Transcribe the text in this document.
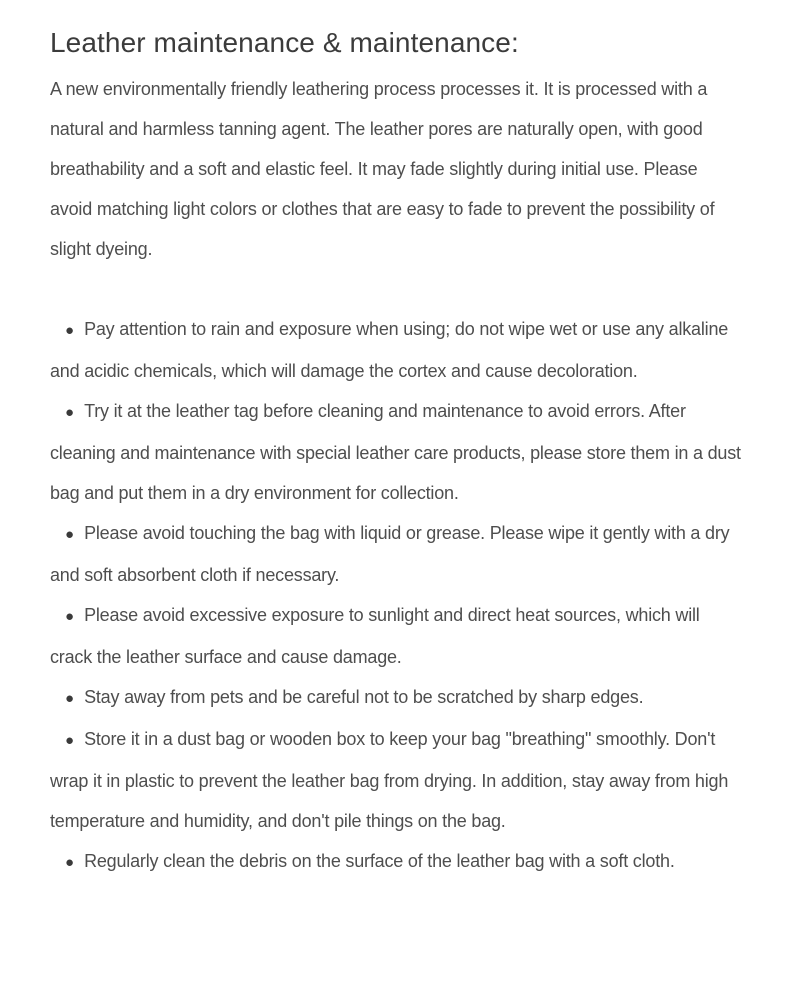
Leather maintenance & maintenance:

A new environmentally friendly leathering process processes it. It is processed with a natural and harmless tanning agent. The leather pores are naturally open, with good breathability and a soft and elastic feel. It may fade slightly during initial use. Please avoid matching light colors or clothes that are easy to fade to prevent the possibility of slight dyeing.

● Pay attention to rain and exposure when using; do not wipe wet or use any alkaline and acidic chemicals, which will damage the cortex and cause decoloration.

● Try it at the leather tag before cleaning and maintenance to avoid errors. After cleaning and maintenance with special leather care products, please store them in a dust bag and put them in a dry environment for collection.

● Please avoid touching the bag with liquid or grease. Please wipe it gently with a dry and soft absorbent cloth if necessary.

● Please avoid excessive exposure to sunlight and direct heat sources, which will crack the leather surface and cause damage.

● Stay away from pets and be careful not to be scratched by sharp edges.

● Store it in a dust bag or wooden box to keep your bag "breathing" smoothly. Don't wrap it in plastic to prevent the leather bag from drying. In addition, stay away from high temperature and humidity, and don't pile things on the bag.

● Regularly clean the debris on the surface of the leather bag with a soft cloth.
